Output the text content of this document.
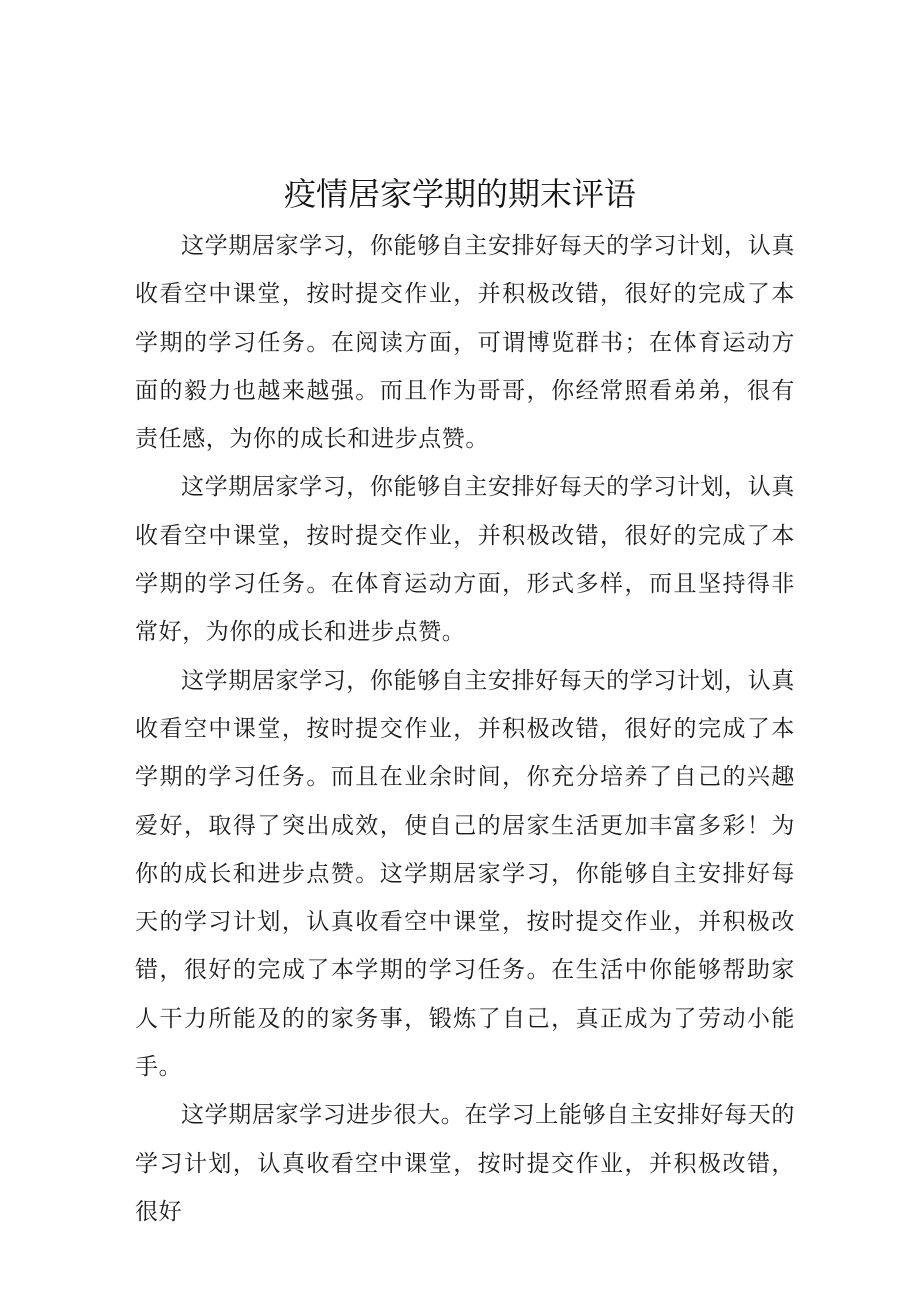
疫情居家学期的期末评语

这学期居家学习，你能够自主安排好每天的学习计划，认真收看空中课堂，按时提交作业，并积极改错，很好的完成了本学期的学习任务。在阅读方面，可谓博览群书；在体育运动方面的毅力也越来越强。而且作为哥哥，你经常照看弟弟，很有责任感，为你的成长和进步点赞。

这学期居家学习，你能够自主安排好每天的学习计划，认真收看空中课堂，按时提交作业，并积极改错，很好的完成了本学期的学习任务。在体育运动方面，形式多样，而且坚持得非常好，为你的成长和进步点赞。

这学期居家学习，你能够自主安排好每天的学习计划，认真收看空中课堂，按时提交作业，并积极改错，很好的完成了本学期的学习任务。而且在业余时间，你充分培养了自己的兴趣爱好，取得了突出成效，使自己的居家生活更加丰富多彩！为你的成长和进步点赞。这学期居家学习，你能够自主安排好每天的学习计划，认真收看空中课堂，按时提交作业，并积极改错，很好的完成了本学期的学习任务。在生活中你能够帮助家人干力所能及的的家务事，锻炼了自己，真正成为了劳动小能手。

这学期居家学习进步很大。在学习上能够自主安排好每天的学习计划，认真收看空中课堂，按时提交作业，并积极改错，很好
